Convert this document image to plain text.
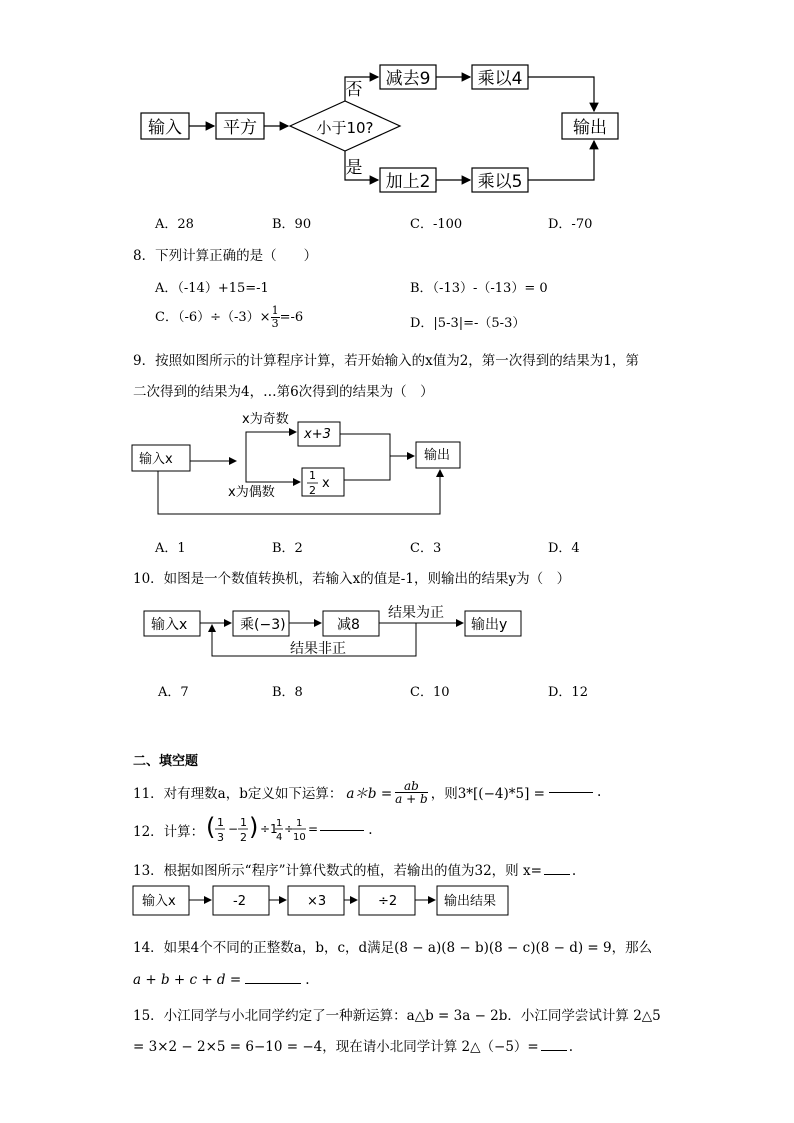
输入 平方	小于10?
否
是
减去9	乘以4
加上2	乘以5
输出
A．28	B．90	C．-100	D．-70
8．下列计算正确的是（　　）
A．（-14）+15=-1	B．（-13）-（-13）= 0
C．$(-6)\div(-3)\times \frac{1}{3} =-6$	D．|5-3|=-（5-3）
9．按照如图所示的计算程序计算，若开始输入的x值为2，第一次得到的结果为1，第
二次得到的结果为4，…第6次得到的结果为（　）
输入x
x为奇数
x为偶数
x+3
1
2 x
输出
A．1	B．2	C．3	D．4
10．如图是一个数值转换机，若输入x的值是-1，则输出的结果y为（　）
输入x	乘(−3)	减8
结果为正
结果非正
输出y
A．7	B．8	C．10	D．12
二、填空题
11．对有理数a，b定义如下运算： a＊b = $\frac{ab}{a + b}$ ，则3*[(−4)*5] =	.
12．计算： ( 1
3
− 1
2 ) ÷1
1
4
÷ 1
10
=	.
13．根据如图所示“程序”计算代数式的植，若输出的值为32，则 x= .
输入x	-2	×3	÷2	输出结果
14．如果4个不同的正整数a，b，c，d满足(8 − a)(8 − b)(8 − c)(8 − d) = 9，那么
a + b + c + d =	.
15．小江同学与小北同学约定了一种新运算：a△b = 3a − 2b．小江同学尝试计算 2△5
= 3×2 − 2×5 = 6−10 = −4，现在请小北同学计算 2△（−5）= .
